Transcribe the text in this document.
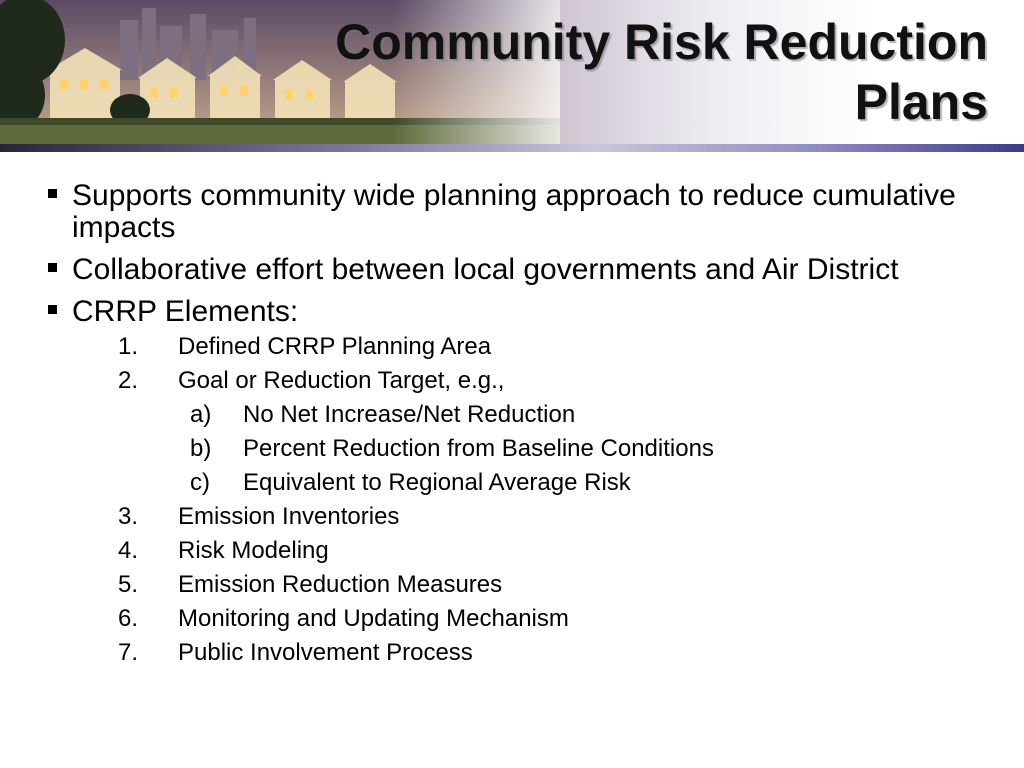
Community Risk Reduction
Plans
Supports community wide planning approach to reduce cumulative impacts
Collaborative effort between local governments and Air District
CRRP Elements:
1. Defined CRRP Planning Area
2. Goal or Reduction Target, e.g.,
a) No Net Increase/Net Reduction
b) Percent Reduction from Baseline Conditions
c) Equivalent to Regional Average Risk
3. Emission Inventories
4. Risk Modeling
5. Emission Reduction Measures
6. Monitoring and Updating Mechanism
7. Public Involvement Process
